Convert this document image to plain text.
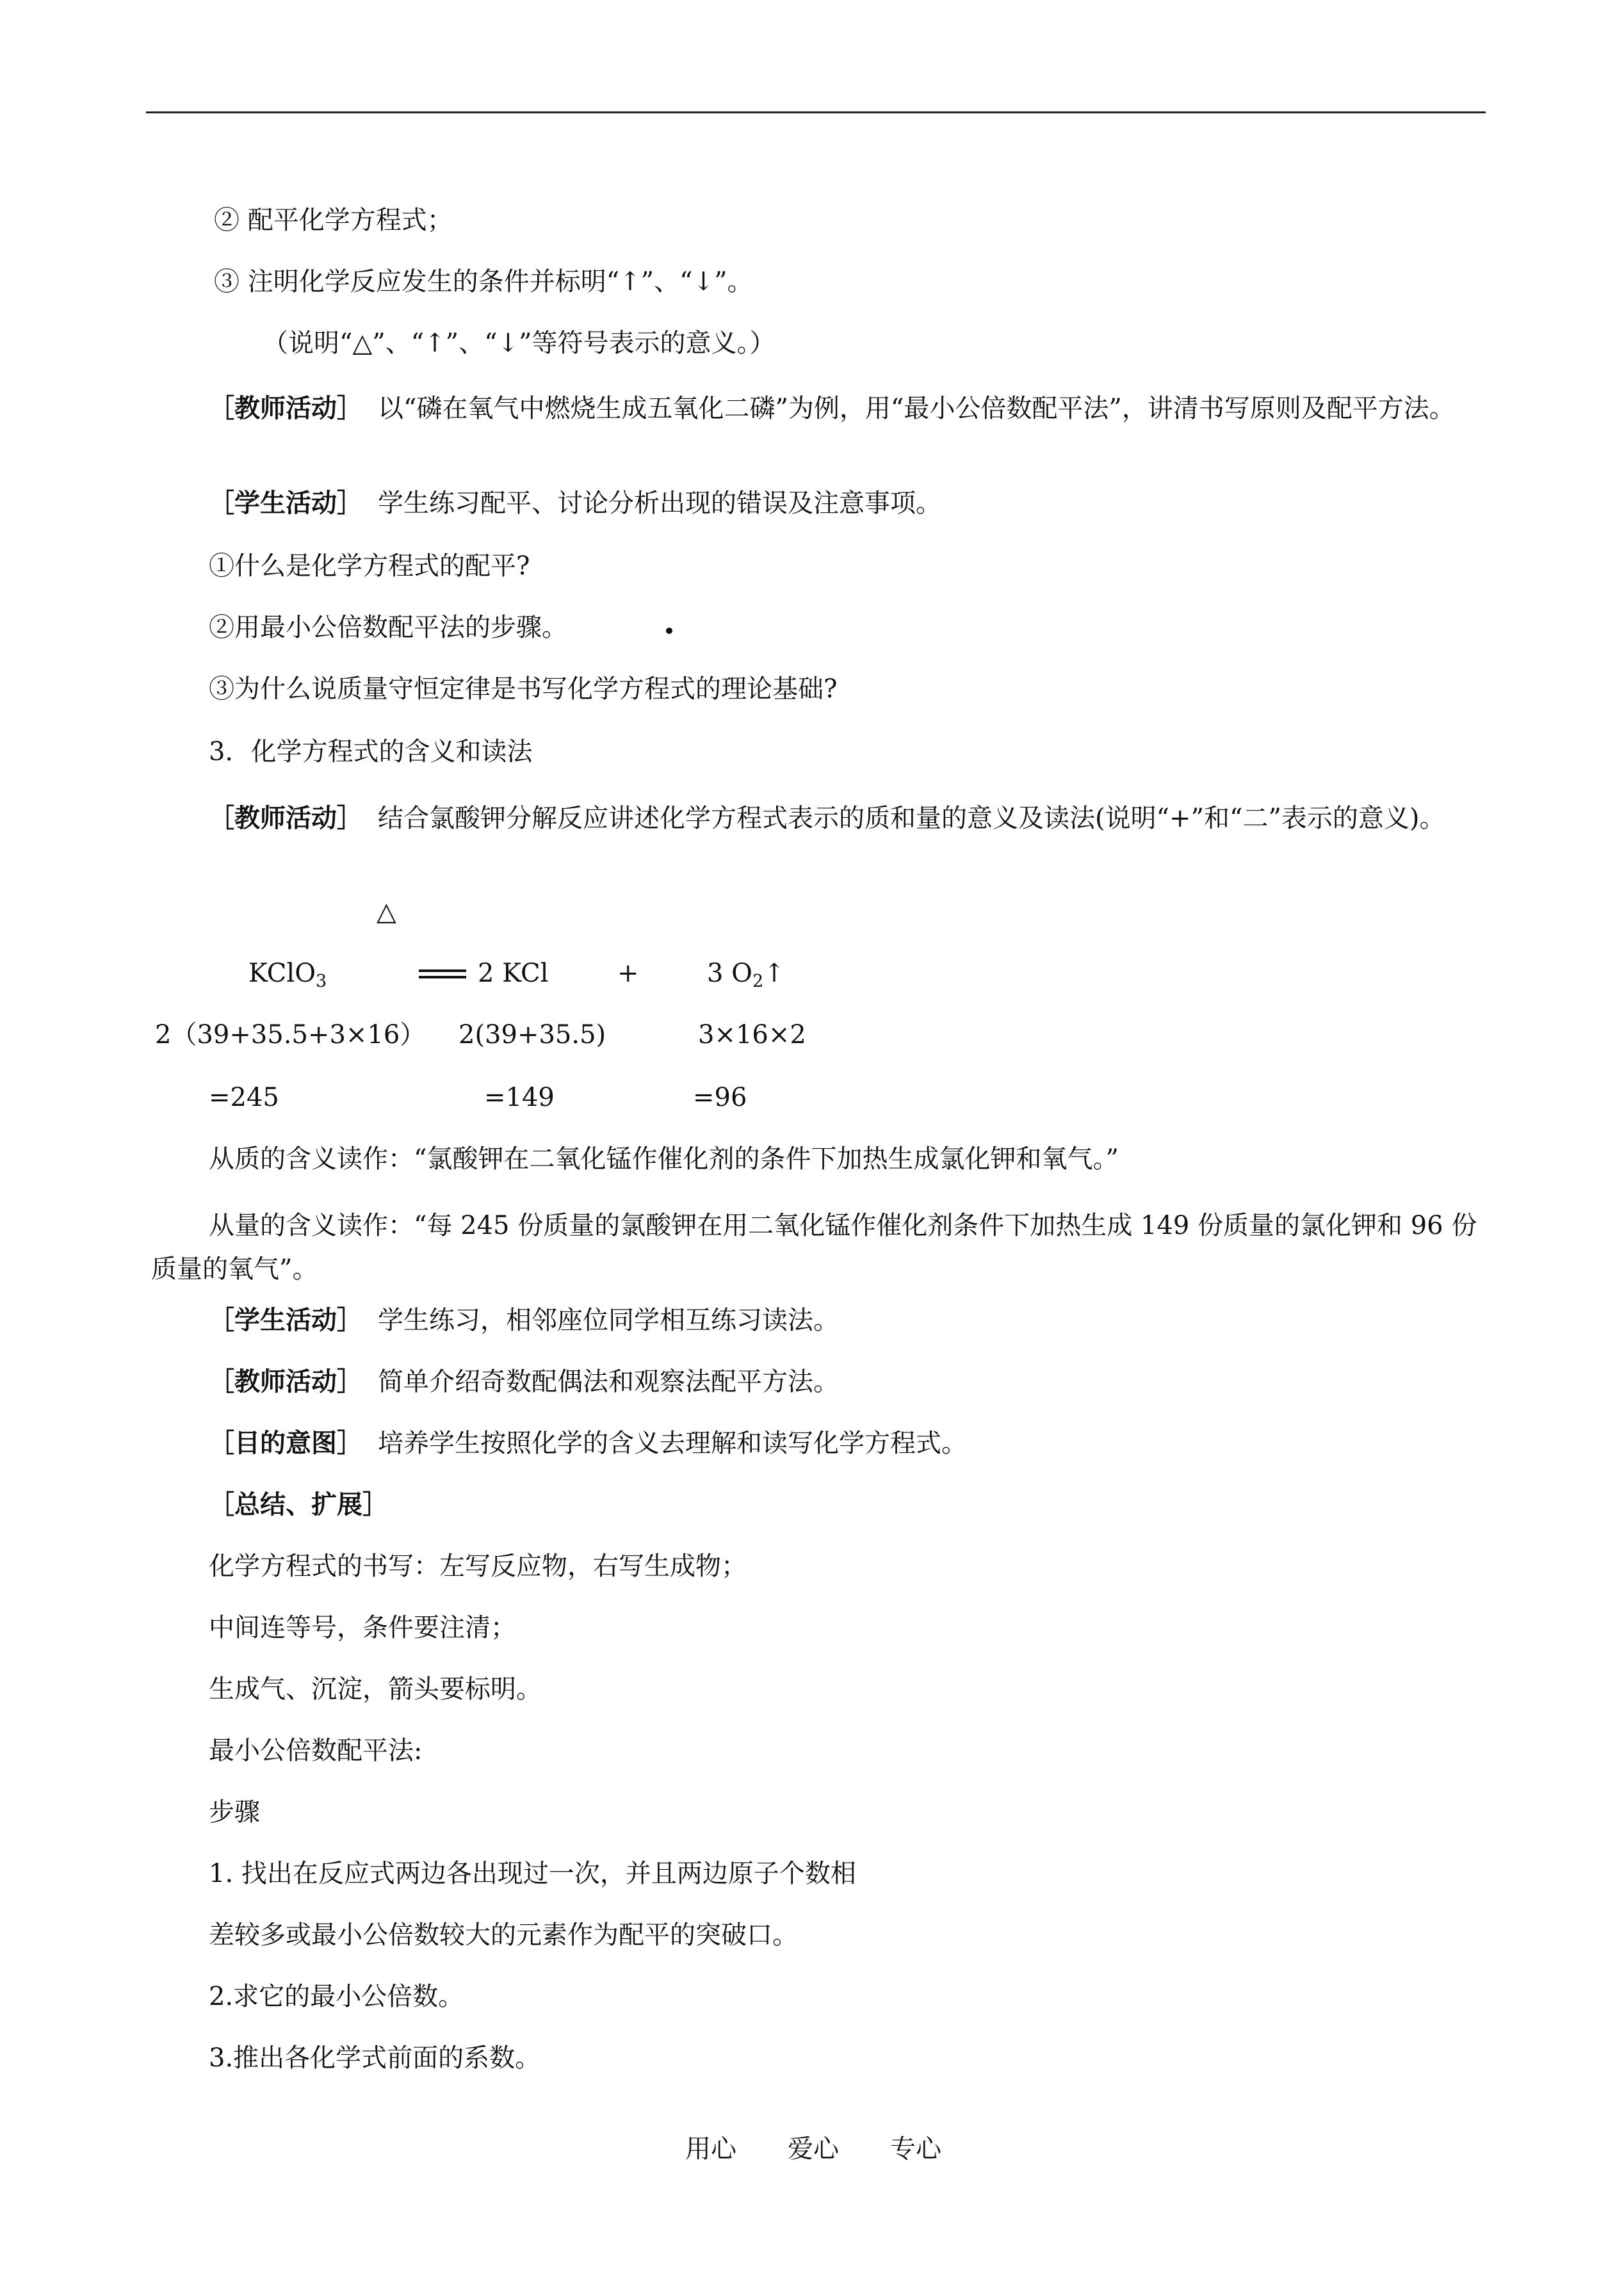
② 配平化学方程式；
③ 注明化学反应发生的条件并标明“↑”、“↓”。
（说明“△”、“↑”、“↓”等符号表示的意义。）
［教师活动］ 以“磷在氧气中燃烧生成五氧化二磷”为例，用“最小公倍数配平法”，讲清书写原则及配平方法。
［学生活动］ 学生练习配平、讨论分析出现的错误及注意事项。
①什么是化学方程式的配平?
②用最小公倍数配平法的步骤。
③为什么说质量守恒定律是书写化学方程式的理论基础?
3．化学方程式的含义和读法
［教师活动］ 结合氯酸钾分解反应讲述化学方程式表示的质和量的意义及读法(说明“+”和“二”表示的意义)。
△
KClO$_3$	2 KCl	+	3 $O_2↑$
2（39+35.5+3×16） 2(39+35.5)	3×16×2
=245	=149	=96
从质的含义读作：“氯酸钾在二氧化锰作催化剂的条件下加热生成氯化钾和氧气。”
从量的含义读作：“每 245 份质量的氯酸钾在用二氧化锰作催化剂条件下加热生成 149 份质量的氯化钾和 96 份质量的氧气”。
［学生活动］ 学生练习，相邻座位同学相互练习读法。
［教师活动］ 简单介绍奇数配偶法和观察法配平方法。
［目的意图］ 培养学生按照化学的含义去理解和读写化学方程式。
［总结、扩展］
化学方程式的书写：左写反应物，右写生成物；
中间连等号，条件要注清；
生成气、沉淀，箭头要标明。
最小公倍数配平法:
步骤
1. 找出在反应式两边各出现过一次，并且两边原子个数相
差较多或最小公倍数较大的元素作为配平的突破口。
2.求它的最小公倍数。
3.推出各化学式前面的系数。
用心 爱心 专心
